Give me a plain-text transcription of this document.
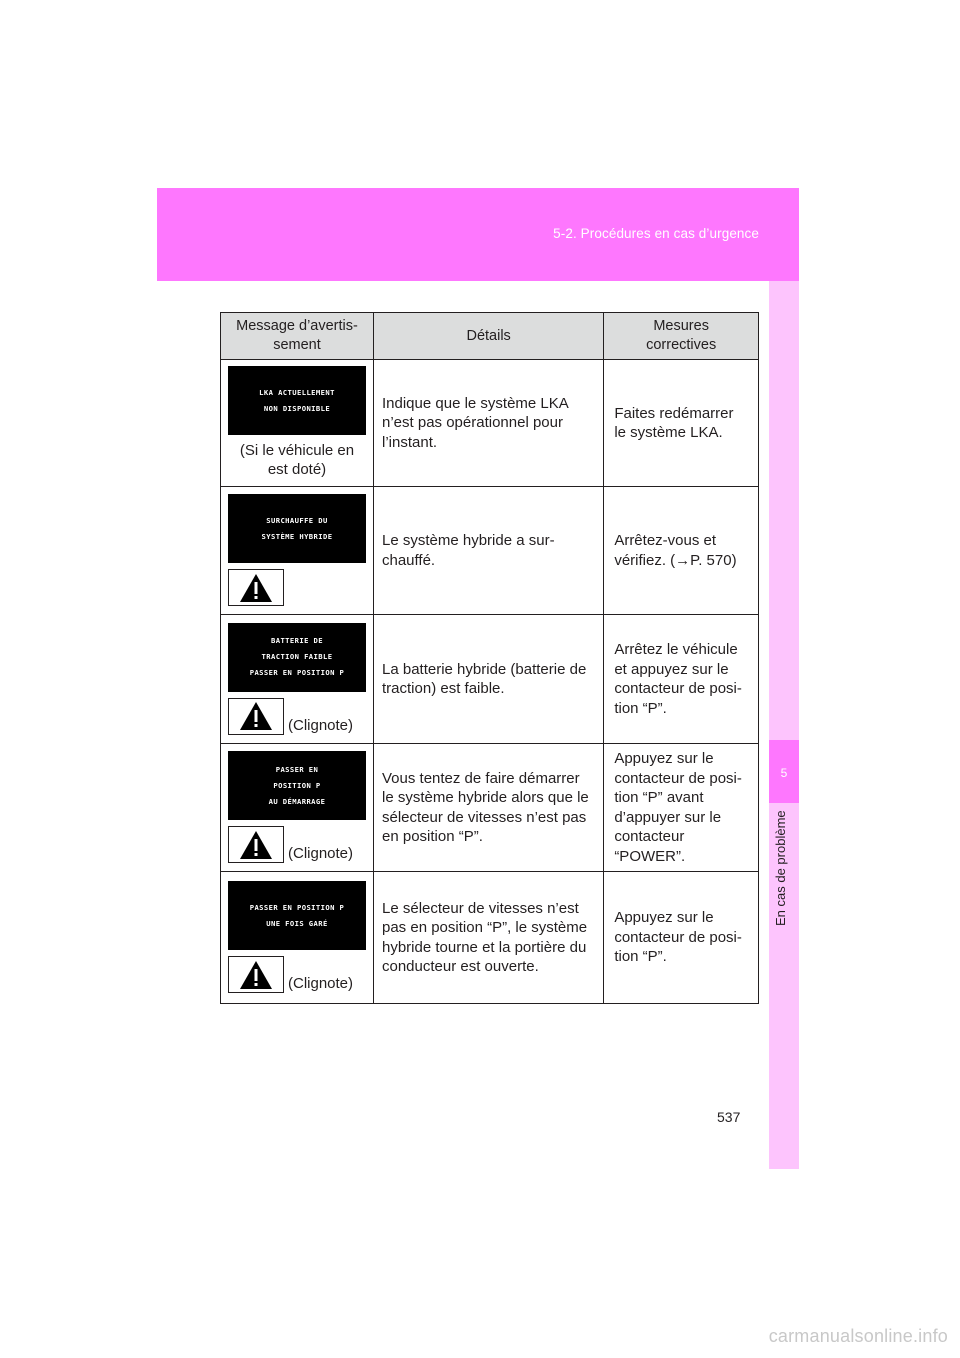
5-2. Procédures en cas d’urgence
5
En cas de problème
Message d’avertis-
sement	Détails	Mesures
correctives

LKA ACTUELLEMENT
NON DISPONIBLE
(Si le véhicule en est doté)	Indique que le système LKA n’est pas opérationnel pour l’instant.	Faites redémarrer le système LKA.

SURCHAUFFE DU
SYSTÈME HYBRIDE	Le système hybride a sur-chauffé.	Arrêtez-vous et vérifiez. (→P. 570)

BATTERIE DE
TRACTION FAIBLE
PASSER EN POSITION P
(Clignote)	La batterie hybride (batterie de traction) est faible.	Arrêtez le véhicule et appuyez sur le contacteur de posi-tion “P”.

PASSER EN
POSITION P
AU DÉMARRAGE
(Clignote)	Vous tentez de faire démarrer le système hybride alors que le sélecteur de vitesses n’est pas en position “P”.	Appuyez sur le contacteur de posi-tion “P” avant d’appuyer sur le contacteur “POWER”.

PASSER EN POSITION P
UNE FOIS GARÉ
(Clignote)	Le sélecteur de vitesses n’est pas en position “P”, le système hybride tourne et la portière du conducteur est ouverte.	Appuyez sur le contacteur de posi-tion “P”.
537
carmanualsonline.info
